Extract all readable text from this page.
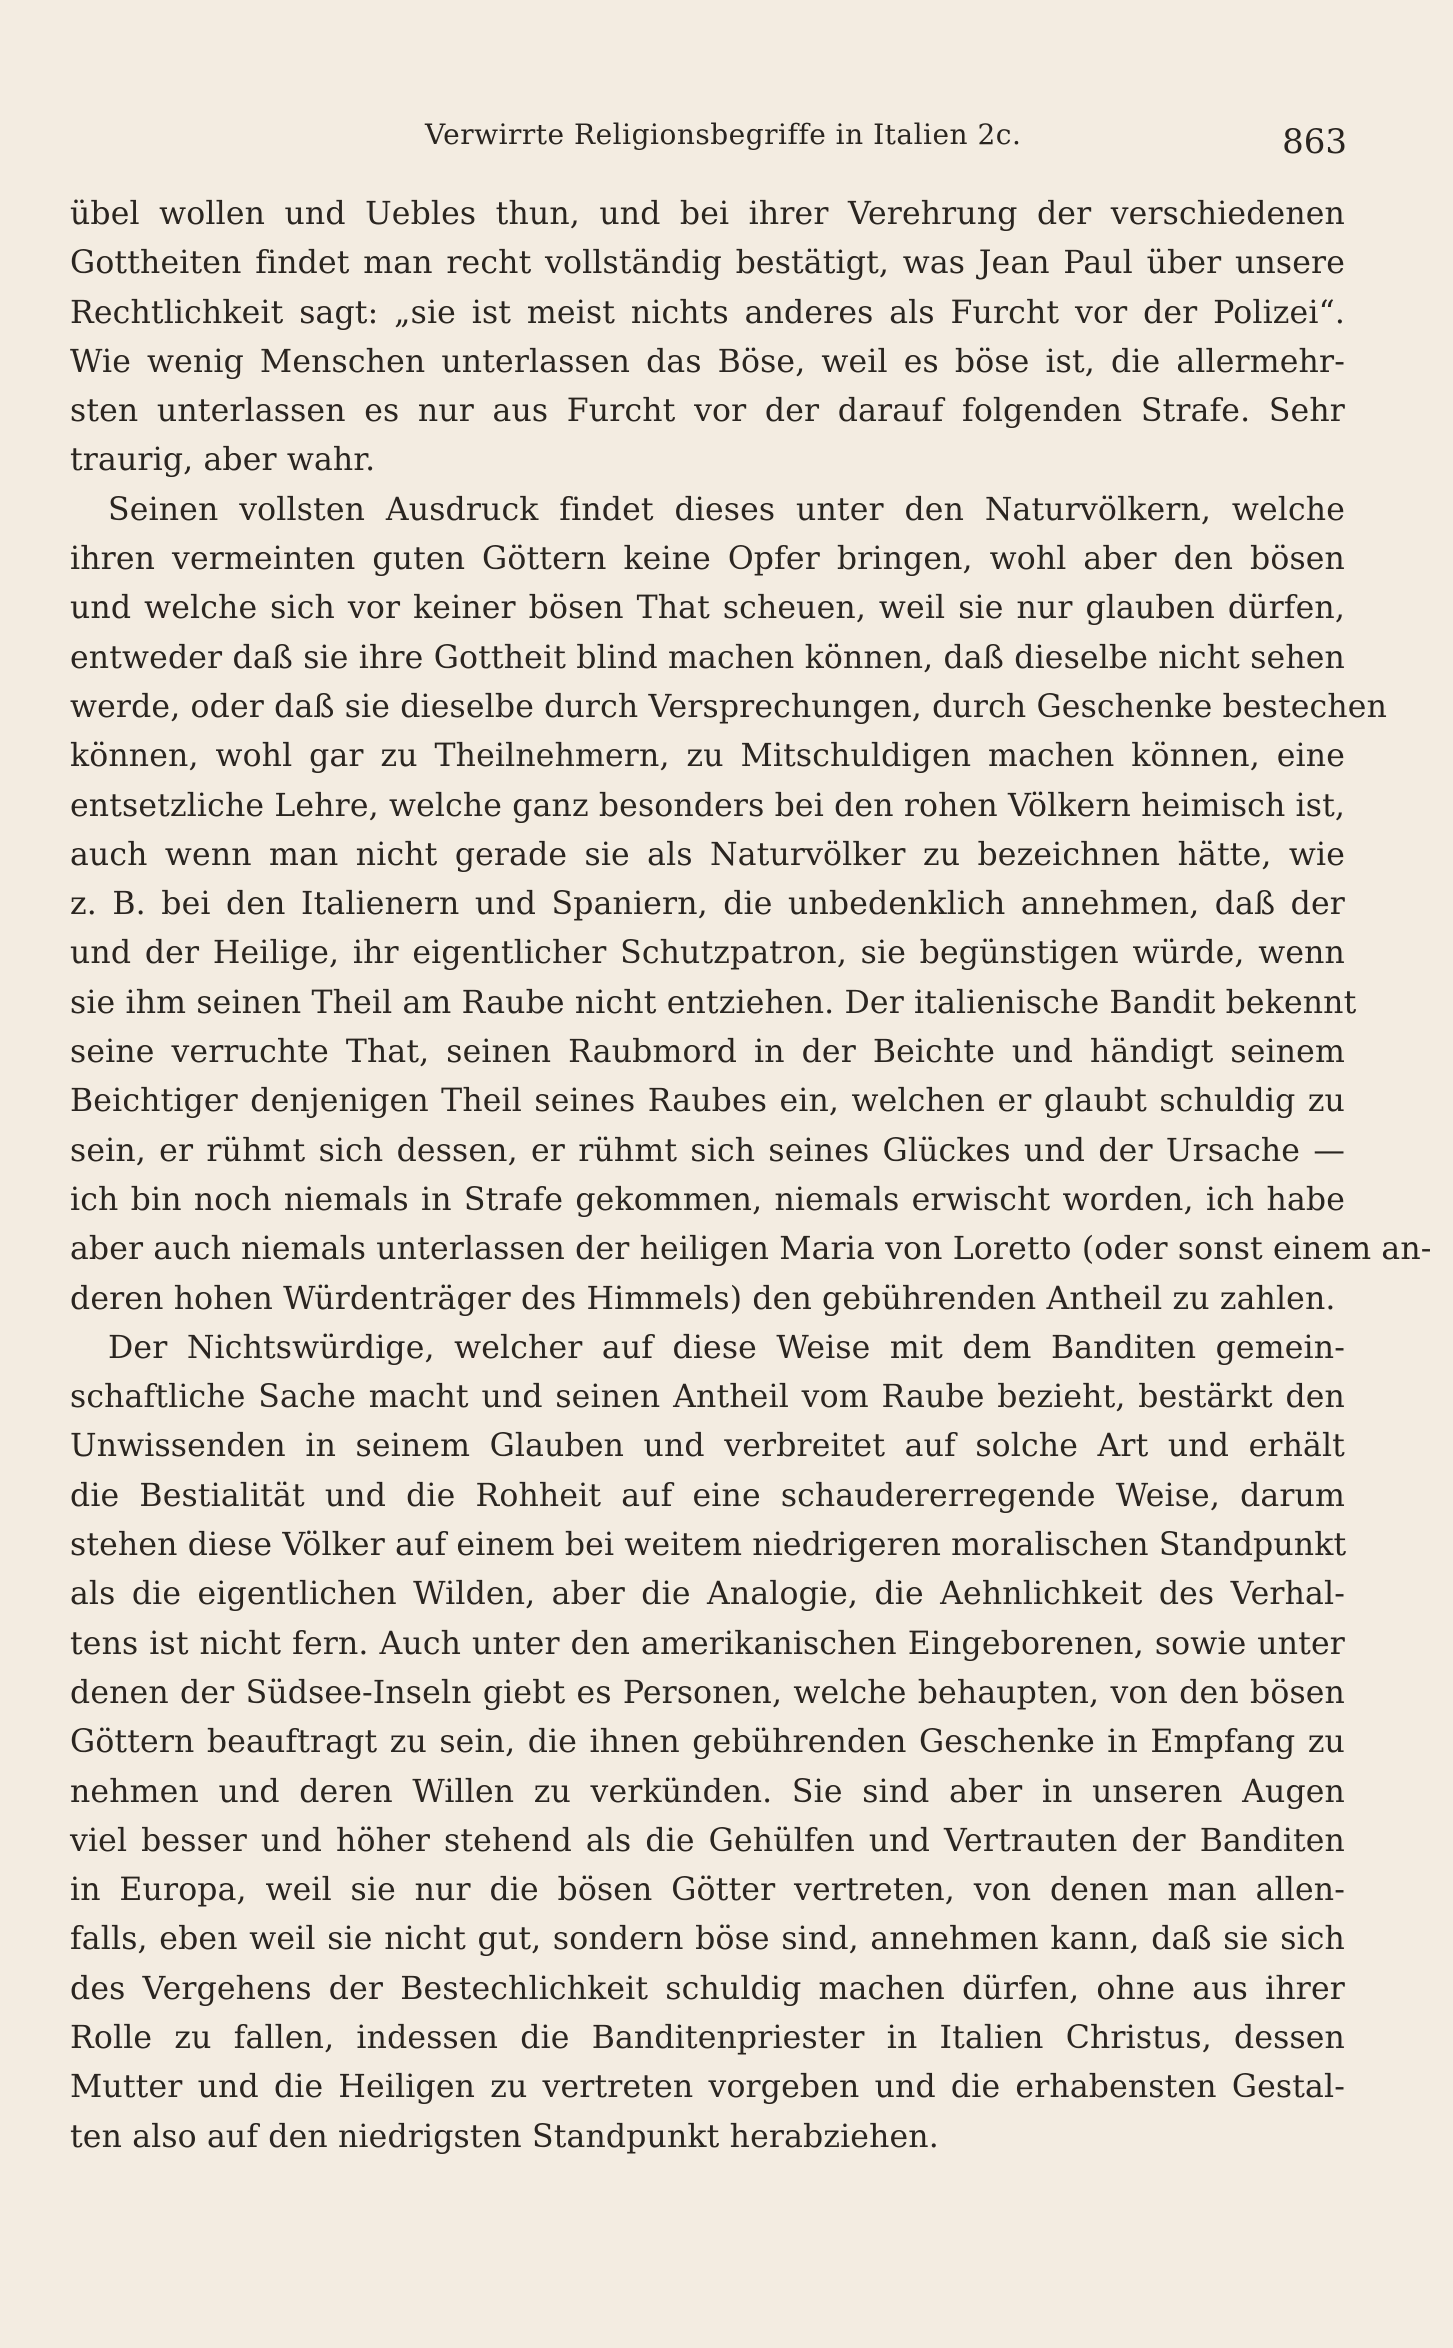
Verwirrte Religionsbegriffe in Italien 2c.	863
übel wollen und Uebles thun, und bei ihrer Verehrung der verschiedenen
Gottheiten findet man recht vollständig bestätigt, was Jean Paul über unsere
Rechtlichkeit sagt: „sie ist meist nichts anderes als Furcht vor der Polizei“.
Wie wenig Menschen unterlassen das Böse, weil es böse ist, die allermehr-
sten unterlassen es nur aus Furcht vor der darauf folgenden Strafe. Sehr
traurig, aber wahr.
Seinen vollsten Ausdruck findet dieses unter den Naturvölkern, welche
ihren vermeinten guten Göttern keine Opfer bringen, wohl aber den bösen
und welche sich vor keiner bösen That scheuen, weil sie nur glauben dürfen,
entweder daß sie ihre Gottheit blind machen können, daß dieselbe nicht sehen
werde, oder daß sie dieselbe durch Versprechungen, durch Geschenke bestechen
können, wohl gar zu Theilnehmern, zu Mitschuldigen machen können, eine
entsetzliche Lehre, welche ganz besonders bei den rohen Völkern heimisch ist,
auch wenn man nicht gerade sie als Naturvölker zu bezeichnen hätte, wie
z. B. bei den Italienern und Spaniern, die unbedenklich annehmen, daß der
und der Heilige, ihr eigentlicher Schutzpatron, sie begünstigen würde, wenn
sie ihm seinen Theil am Raube nicht entziehen. Der italienische Bandit bekennt
seine verruchte That, seinen Raubmord in der Beichte und händigt seinem
Beichtiger denjenigen Theil seines Raubes ein, welchen er glaubt schuldig zu
sein, er rühmt sich dessen, er rühmt sich seines Glückes und der Ursache —
ich bin noch niemals in Strafe gekommen, niemals erwischt worden, ich habe
aber auch niemals unterlassen der heiligen Maria von Loretto (oder sonst einem an-
deren hohen Würdenträger des Himmels) den gebührenden Antheil zu zahlen.
Der Nichtswürdige, welcher auf diese Weise mit dem Banditen gemein-
schaftliche Sache macht und seinen Antheil vom Raube bezieht, bestärkt den
Unwissenden in seinem Glauben und verbreitet auf solche Art und erhält
die Bestialität und die Rohheit auf eine schaudererregende Weise, darum
stehen diese Völker auf einem bei weitem niedrigeren moralischen Standpunkt
als die eigentlichen Wilden, aber die Analogie, die Aehnlichkeit des Verhal-
tens ist nicht fern. Auch unter den amerikanischen Eingeborenen, sowie unter
denen der Südsee-Inseln giebt es Personen, welche behaupten, von den bösen
Göttern beauftragt zu sein, die ihnen gebührenden Geschenke in Empfang zu
nehmen und deren Willen zu verkünden. Sie sind aber in unseren Augen
viel besser und höher stehend als die Gehülfen und Vertrauten der Banditen
in Europa, weil sie nur die bösen Götter vertreten, von denen man allen-
falls, eben weil sie nicht gut, sondern böse sind, annehmen kann, daß sie sich
des Vergehens der Bestechlichkeit schuldig machen dürfen, ohne aus ihrer
Rolle zu fallen, indessen die Banditenpriester in Italien Christus, dessen
Mutter und die Heiligen zu vertreten vorgeben und die erhabensten Gestal-
ten also auf den niedrigsten Standpunkt herabziehen.
